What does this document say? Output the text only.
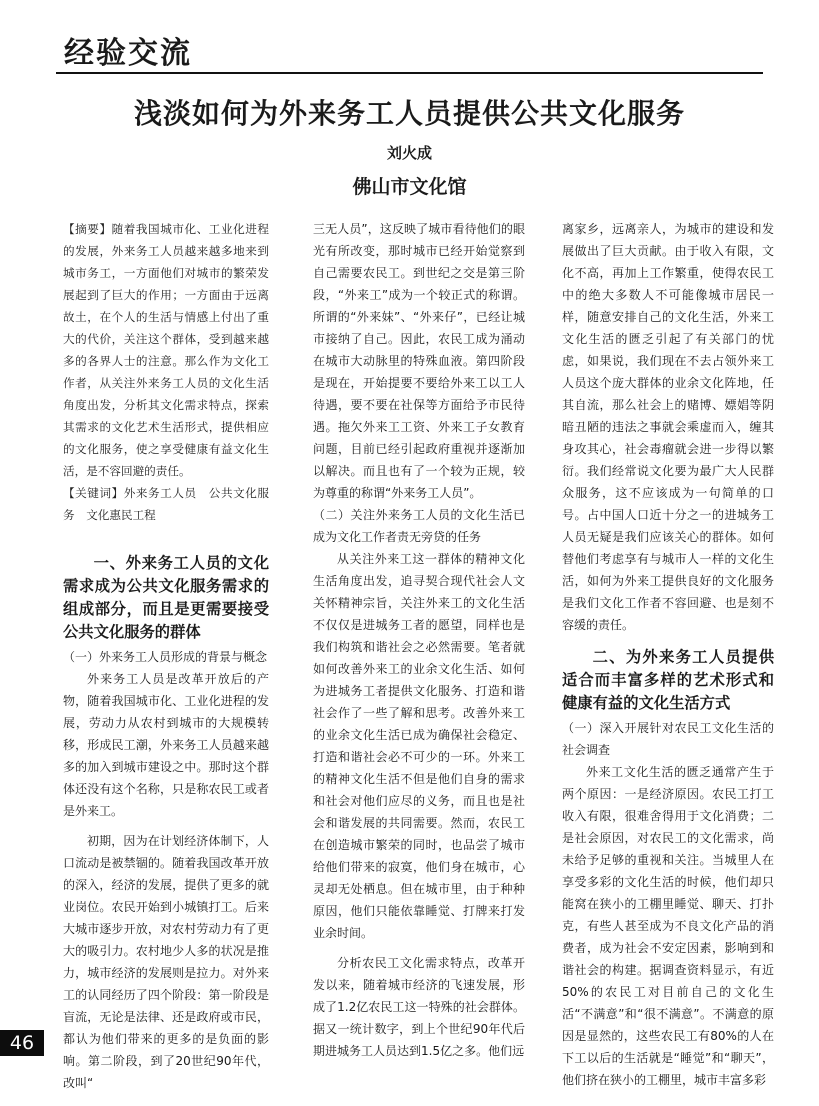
经验交流
浅淡如何为外来务工人员提供公共文化服务
刘火成
佛山市文化馆

【摘要】随着我国城市化、工业化进程的发展，外来务工人员越来越多地来到城市务工，一方面他们对城市的繁荣发展起到了巨大的作用；一方面由于远离故土，在个人的生活与情感上付出了重大的代价，关注这个群体，受到越来越多的各界人士的注意。那么作为文化工作者，从关注外来务工人员的文化生活角度出发，分析其文化需求特点，探索其需求的文化艺术生活形式，提供相应的文化服务，使之享受健康有益文化生活，是不容回避的责任。

【关键词】外来务工人员　公共文化服务　文化惠民工程

一、外来务工人员的文化需求成为公共文化服务需求的组成部分，而且是更需要接受公共文化服务的群体

（一）外来务工人员形成的背景与概念

外来务工人员是改革开放后的产物，随着我国城市化、工业化进程的发展，劳动力从农村到城市的大规模转移，形成民工潮，外来务工人员越来越多的加入到城市建设之中。那时这个群体还没有这个名称，只是称农民工或者是外来工。

初期，因为在计划经济体制下，人口流动是被禁锢的。随着我国改革开放的深入，经济的发展，提供了更多的就业岗位。农民开始到小城镇打工。后来大城市逐步开放，对农村劳动力有了更大的吸引力。农村地少人多的状况是推力，城市经济的发展则是拉力。对外来工的认同经历了四个阶段：第一阶段是盲流，无论是法律、还是政府或市民，都认为他们带来的更多的是负面的影响。第二阶段，到了20世纪90年代，改叫“

三无人员”，这反映了城市看待他们的眼光有所改变，那时城市已经开始觉察到自己需要农民工。到世纪之交是第三阶段，“外来工”成为一个较正式的称谓。所谓的“外来妹”、“外来仔”，已经让城市接纳了自己。因此，农民工成为涌动在城市大动脉里的特殊血液。第四阶段是现在，开始提要不要给外来工以工人待遇，要不要在社保等方面给予市民待遇。拖欠外来工工资、外来工子女教育问题，目前已经引起政府重视并逐渐加以解决。而且也有了一个较为正规，较为尊重的称谓“外来务工人员”。

（二）关注外来务工人员的文化生活已成为文化工作者责无旁贷的任务

从关注外来工这一群体的精神文化生活角度出发，追寻契合现代社会人文关怀精神宗旨，关注外来工的文化生活不仅仅是进城务工者的愿望，同样也是我们构筑和谐社会之必然需要。笔者就如何改善外来工的业余文化生活、如何为进城务工者提供文化服务、打造和谐社会作了一些了解和思考。改善外来工的业余文化生活已成为确保社会稳定、打造和谐社会必不可少的一环。外来工的精神文化生活不但是他们自身的需求和社会对他们应尽的义务，而且也是社会和谐发展的共同需要。然而，农民工在创造城市繁荣的同时，也品尝了城市给他们带来的寂寞，他们身在城市，心灵却无处栖息。但在城市里，由于种种原因，他们只能依靠睡觉、打牌来打发业余时间。

分析农民工文化需求特点，改革开发以来，随着城市经济的飞速发展，形成了1.2亿农民工这一特殊的社会群体。据又一统计数字，到上个世纪90年代后期进城务工人员达到1.5亿之多。他们远

离家乡，远离亲人，为城市的建设和发展做出了巨大贡献。由于收入有限，文化不高，再加上工作繁重，使得农民工中的绝大多数人不可能像城市居民一样，随意安排自己的文化生活，外来工文化生活的匮乏引起了有关部门的忧虑，如果说，我们现在不去占领外来工人员这个庞大群体的业余文化阵地，任其自流，那么社会上的赌博、嫖娼等阴暗丑陋的违法之事就会乘虚而入，缠其身攻其心，社会毒瘤就会进一步得以繁衍。我们经常说文化要为最广大人民群众服务，这不应该成为一句简单的口号。占中国人口近十分之一的进城务工人员无疑是我们应该关心的群体。如何替他们考虑享有与城市人一样的文化生活，如何为外来工提供良好的文化服务是我们文化工作者不容回避、也是刻不容缓的责任。

二、为外来务工人员提供适合而丰富多样的艺术形式和健康有益的文化生活方式

（一）深入开展针对农民工文化生活的社会调查

外来工文化生活的匮乏通常产生于两个原因：一是经济原因。农民工打工收入有限，很难舍得用于文化消费；二是社会原因，对农民工的文化需求，尚未给予足够的重视和关注。当城里人在享受多彩的文化生活的时候，他们却只能窝在狭小的工棚里睡觉、聊天、打扑克，有些人甚至成为不良文化产品的消费者，成为社会不安定因素，影响到和谐社会的构建。据调查资料显示，有近50%的农民工对目前自己的文化生活“不满意”和“很不满意”。不满意的原因是显然的，这些农民工有80%的人在下工以后的生活就是“睡觉”和“聊天”，他们挤在狭小的工棚里，城市丰富多彩

46
